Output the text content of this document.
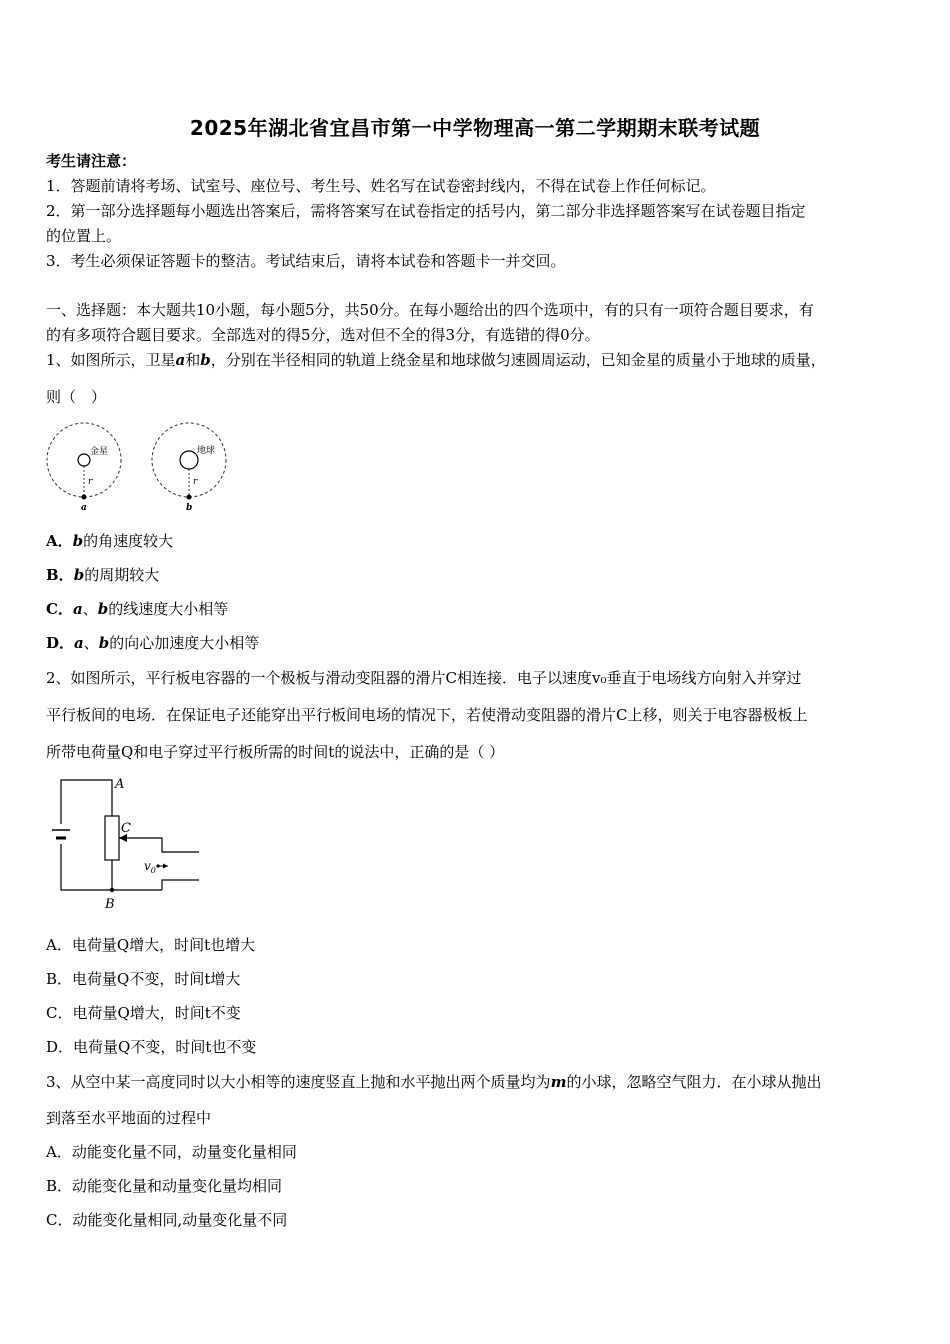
2025年湖北省宜昌市第一中学物理高一第二学期期末联考试题
考生请注意：
1．答题前请将考场、试室号、座位号、考生号、姓名写在试卷密封线内，不得在试卷上作任何标记。
2．第一部分选择题每小题选出答案后，需将答案写在试卷指定的括号内，第二部分非选择题答案写在试卷题目指定
的位置上。
3．考生必须保证答题卡的整洁。考试结束后，请将本试卷和答题卡一并交回。
一、选择题：本大题共10小题，每小题5分，共50分。在每小题给出的四个选项中，有的只有一项符合题目要求，有
的有多项符合题目要求。全部选对的得5分，选对但不全的得3分，有选错的得0分。
1、如图所示，卫星a和b，分别在半径相同的轨道上绕金星和地球做匀速圆周运动，已知金星的质量小于地球的质量，
则（　）
金星
r
a
地球
r
b
A．b的角速度较大
B．b的周期较大
C．a、b的线速度大小相等
D．a、b的向心加速度大小相等
2、如图所示，平行板电容器的一个极板与滑动变阻器的滑片C相连接．电子以速度v₀垂直于电场线方向射入并穿过
平行板间的电场．在保证电子还能穿出平行板间电场的情况下，若使滑动变阻器的滑片C上移，则关于电容器极板上
所带电荷量Q和电子穿过平行板所需的时间t的说法中，正确的是（ ）
A
C
B
$v_0$
A．电荷量Q增大，时间t也增大
B．电荷量Q不变，时间t增大
C．电荷量Q增大，时间t不变
D．电荷量Q不变，时间t也不变
3、从空中某一高度同时以大小相等的速度竖直上抛和水平抛出两个质量均为m的小球，忽略空气阻力．在小球从抛出
到落至水平地面的过程中
A．动能变化量不同，动量变化量相同
B．动能变化量和动量变化量均相同
C．动能变化量相同,动量变化量不同
